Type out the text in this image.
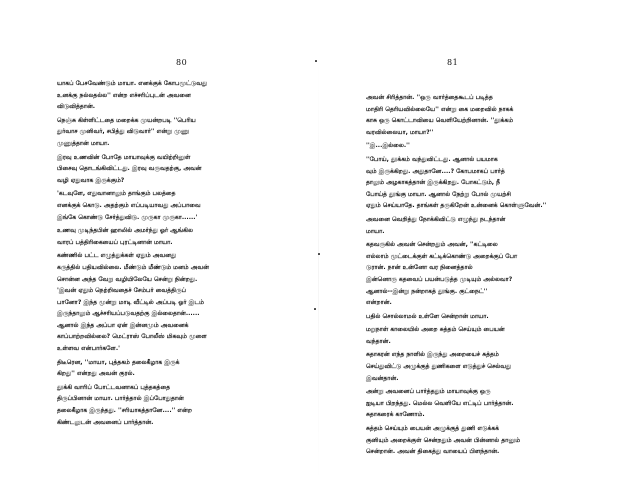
80

யாகப் பேசவேண்டும் மாயா. எனக்குக் கோபமூட்டுவது
உனக்கு நல்லதல்ல'' என்ற எச்சரிப்புடன் அவனை
விடுவித்தான்.

நெஞ்சு கிள்ளிட்டதை மறைக்க முயன்றபடி ''பெரிய
துர்வாச முனிவர், சபித்து விடுவார்'' என்று முணு
முணுத்தான் மாயா.

இரவு உணவின் போதே மாயாவுக்கு வயிற்றினுள்
பிசைவு தொடங்கிவிட்டது. இரவு வருவதற்கு, அவன்
வழி ஏதுவாக இருக்கும்?

'கடவுளே, எதுவானாலும் தாங்கும் பலத்தை
எனக்குக் கொடு. அதற்கும் எப்படியாவது அப்பாவை
இங்கே கொண்டு சேர்த்துவிடு. முருகா முருகா......'

உணவு முடிந்தபின் ஹாலில் அமர்ந்து ஓர் ஆங்கில
வாரப் பத்திரிகையைப் புரட்டினான் மாயா.

கண்ணில் பட்ட எழுத்துக்கள் ஏதும் அவனது
கருத்தில் பதியவில்லை. மீண்டும் மீண்டும் மனம் அவன்
சொன்ன அந்த வேறு வழியிலேயே சென்று நின்றது.
'இவன் ஏதும் நெற்றிவதைச் சேம்பர் வைத்திருப்
பானோ? இந்த மூன்று மாடி வீட்டில் அப்படி ஓர் இடம்
இருந்தாலும் ஆச்சரியப்படுவதற்கு இல்லைதான்......
ஆனால் இந்த அப்பா ஏன் இன்னமும் அவனைக்
காப்பாற்றவில்லை? மெட்ராஸ் போலீஸ் மிகவும் மூளை
உள்ளவ என்பார்களே.'

திடீரென, ''மாயா, புத்தகம் தலைகீழாக இருக்
கிறது'' என்றது அவன் குரல்.

தூக்கி வாரிப் போட்டவனாகப் புத்தகத்தை
திருப்பினான் மாயா. பார்த்தால் இப்போதுதான்
தலைகீழாக இருந்தது. ''சரியாகத்தானே....'' என்ற
கிண்டலுடன் அவனைப் பார்த்தான்.

81

அவன் சிரித்தான். ''ஒரு வார்த்தைகூடப் படித்த
மாதிரி தெரியவில்லையே'' என்று கை மறைவில் நாகக்
காசு ஒரு கொட்டாவியை வெளியேற்றினான். ''தூக்கம்
வரவில்லையா, மாயா?''

''இ...இல்லை.''

''போய், தூக்கம் வந்துவிட்டது. ஆனால் பயமாக
வும் இருக்கிறது. அதுதானே....? கோபமாகப் பார்த்
தாலும் அழகாகத்தான் இருக்கிறது. போகட்டும், நீ
போய்த் தூங்கு மாயா. ஆனால் நேற்று போல் முயற்சி
ஏதும் செய்யாதே. தாங்கள் தருகிறேன் உன்னைக் கொள்ளுவேன்.''

அவனை வெறித்து நோக்கிவிட்டு எழுந்து நடந்தான்
மாயா.

கதவருகில் அவன் சென்றதும் அவன், ''கட்டிலை
எல்லாம் மூட்டைக்குள் கட்டிக்கொண்டு அறைக்குப் போ
டுரான். நான் உன்னோ வர நினைத்தால்
இன்னொரு கதவைப் பயன்படுத்த முடியும் அல்லவா?
ஆனால்--இன்று நன்றாகத் தூங்கு. குட்நைட்''
என்றான்.

பதில் சொல்லாமல் உள்ளே சென்றான் மாயா.

மறுநாள் காலையில் அறை சுத்தம் செய்யும் பையன்
வந்தான்.

சுதாகரன் எந்த நாளில் இருந்து அறையைச் சுத்தம்
செய்துவிட்டு அழுக்குத் துணிகளை எடுத்துச் செல்வது
இவன்தான்.

அன்று அவனைப் பார்த்ததும் மாயாவுக்கு ஒரு
ஐடியா பிறந்தது. மெல்ல வெளியே எட்டிப் பார்த்தான்.
சுதாகரைக் காணோம்.

சுத்தம் செய்யும் பையன் அழுக்குத் துணி எடுக்கக்
குனியும் அறைக்குள் சென்றதும் அவன் பின்னால் தானும்
சென்றான். அவன் திகைத்து வாயைப் பிளந்தான்.
